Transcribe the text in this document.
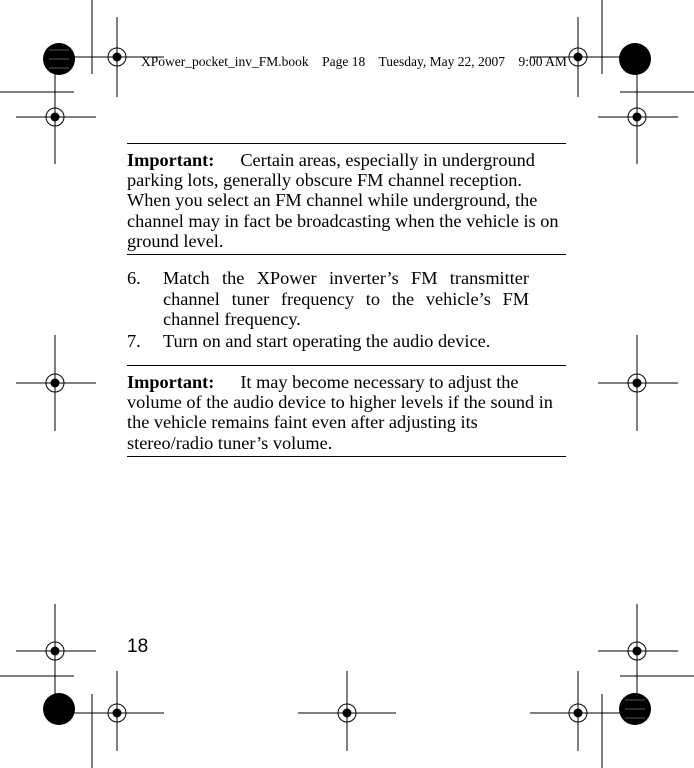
XPower_pocket_inv_FM.book    Page 18    Tuesday, May 22, 2007    9:00 AM
Important: Certain areas, especially in underground parking lots, generally obscure FM channel reception. When you select an FM channel while underground, the channel may in fact be broadcasting when the vehicle is on ground level.
6. Match the XPower inverter’s FM transmitter channel tuner frequency to the vehicle’s FM channel frequency.
7. Turn on and start operating the audio device.
Important: It may become necessary to adjust the volume of the audio device to higher levels if the sound in the vehicle remains faint even after adjusting its stereo/radio tuner’s volume.
18
